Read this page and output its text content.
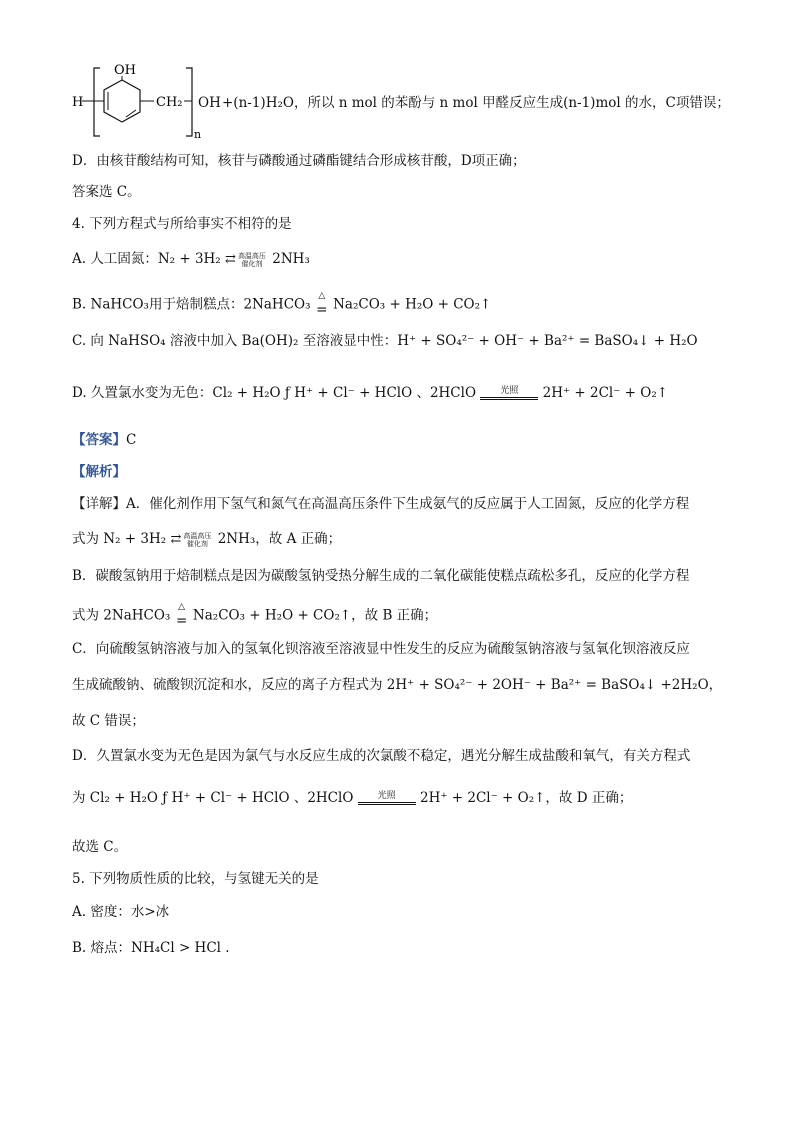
OH
H	CH₂
n
OH +(n-1)H₂O，所以 n mol 的苯酚与 n mol 甲醛反应生成(n-1)mol 的水，C项错误；
D．由核苷酸结构可知，核苷与磷酸通过磷酯键结合形成核苷酸，D项正确；
答案选 C。
4. 下列方程式与所给事实不相符的是
A. 人工固氮：N₂ + 3H₂ ⇄ 高温高压
催化剂 2NH₃
B. NaHCO₃用于焙制糕点：2NaHCO₃
△
= Na₂CO₃ + H₂O + CO₂↑
C. 向 NaHSO₄ 溶液中加入 Ba(OH)₂ 至溶液显中性：H⁺ + SO₄²⁻ + OH⁻ + Ba²⁺ = BaSO₄↓ + H₂O
D. 久置氯水变为无色：Cl₂ + H₂O ƒ H⁺ + Cl⁻ + HClO 、2HClO	光照	2H⁺ + 2Cl⁻ + O₂↑
【答案】C
【解析】
【详解】A．催化剂作用下氢气和氮气在高温高压条件下生成氨气的反应属于人工固氮，反应的化学方程
式为 N₂ + 3H₂ ⇄ 高温高压
催化剂 2NH₃，故 A 正确；
B．碳酸氢钠用于焙制糕点是因为碳酸氢钠受热分解生成的二氧化碳能使糕点疏松多孔，反应的化学方程
式为 2NaHCO₃
△
= Na₂CO₃ + H₂O + CO₂↑，故 B 正确；
C．向硫酸氢钠溶液与加入的氢氧化钡溶液至溶液显中性发生的反应为硫酸氢钠溶液与氢氧化钡溶液反应
生成硫酸钠、硫酸钡沉淀和水，反应的离子方程式为 2H⁺ + SO₄²⁻ + 2OH⁻ + Ba²⁺ = BaSO₄↓ +2H₂O，
故 C 错误；
D．久置氯水变为无色是因为氯气与水反应生成的次氯酸不稳定，遇光分解生成盐酸和氧气，有关方程式
为 Cl₂ + H₂O ƒ H⁺ + Cl⁻ + HClO 、2HClO	光照	2H⁺ + 2Cl⁻ + O₂↑，故 D 正确；
故选 C。
5. 下列物质性质的比较，与氢键无关的是
A. 密度：水>冰
B. 熔点：NH₄Cl > HCl .
